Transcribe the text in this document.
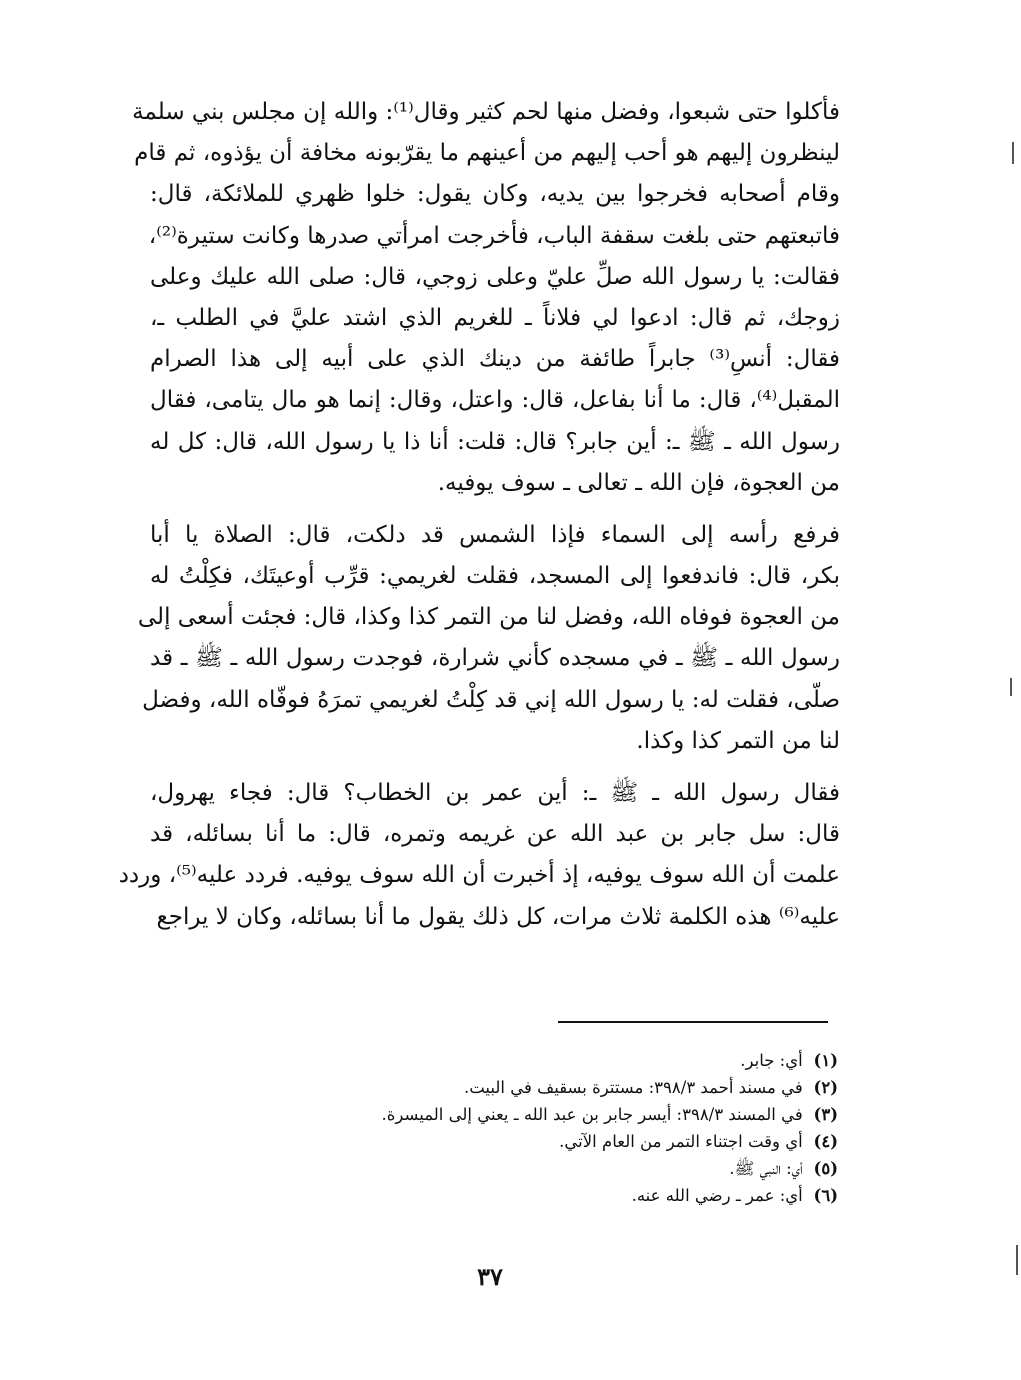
فأكلوا حتى شبعوا، وفضل منها لحم كثير وقال⁽¹⁾: والله إن مجلس بني سلمة
لينظرون إليهم هو أحب إليهم من أعينهم ما يقرّبونه مخافة أن يؤذوه، ثم قام
وقام أصحابه فخرجوا بين يديه، وكان يقول: خلوا ظهري للملائكة، قال:
فاتبعتهم حتى بلغت سقفة الباب، فأخرجت امرأتي صدرها وكانت ستيرة⁽²⁾،
فقالت: يا رسول الله صلِّ عليّ وعلى زوجي، قال: صلى الله عليك وعلى
زوجك، ثم قال: ادعوا لي فلاناً ـ للغريم الذي اشتد عليَّ في الطلب ـ،
فقال: أنسِ⁽³⁾ جابراً طائفة من دينك الذي على أبيه إلى هذا الصرام
المقبل⁽⁴⁾، قال: ما أنا بفاعل، قال: واعتل، وقال: إنما هو مال يتامى، فقال
رسول الله ـ ﷺ ـ: أين جابر؟ قال: قلت: أنا ذا يا رسول الله، قال: كل له
من العجوة، فإن الله ـ تعالى ـ سوف يوفيه.
فرفع رأسه إلى السماء فإذا الشمس قد دلكت، قال: الصلاة يا أبا
بكر، قال: فاندفعوا إلى المسجد، فقلت لغريمي: قرِّب أوعيتَك، فكِلْتُ له
من العجوة فوفاه الله، وفضل لنا من التمر كذا وكذا، قال: فجئت أسعى إلى
رسول الله ـ ﷺ ـ في مسجده كأني شرارة، فوجدت رسول الله ـ ﷺ ـ قد
صلّى، فقلت له: يا رسول الله إني قد كِلْتُ لغريمي تمرَهُ فوفّاه الله، وفضل
لنا من التمر كذا وكذا.
فقال رسول الله ـ ﷺ ـ: أين عمر بن الخطاب؟ قال: فجاء يهرول،
قال: سل جابر بن عبد الله عن غريمه وتمره، قال: ما أنا بسائله، قد
علمت أن الله سوف يوفيه، إذ أخبرت أن الله سوف يوفيه. فردد عليه⁽⁵⁾، وردد
عليه⁽⁶⁾ هذه الكلمة ثلاث مرات، كل ذلك يقول ما أنا بسائله، وكان لا يراجع
(١) أي: جابر.
(٢) في مسند أحمد ٣٩٨/٣: مستترة بسقيف في البيت.
(٣) في المسند ٣٩٨/٣: أيسر جابر بن عبد الله ـ يعني إلى الميسرة.
(٤) أي وقت اجتناء التمر من العام الآتي.
(٥) أي: النبي ﷺ.
(٦) أي: عمر ـ رضي الله عنه.
٣٧
